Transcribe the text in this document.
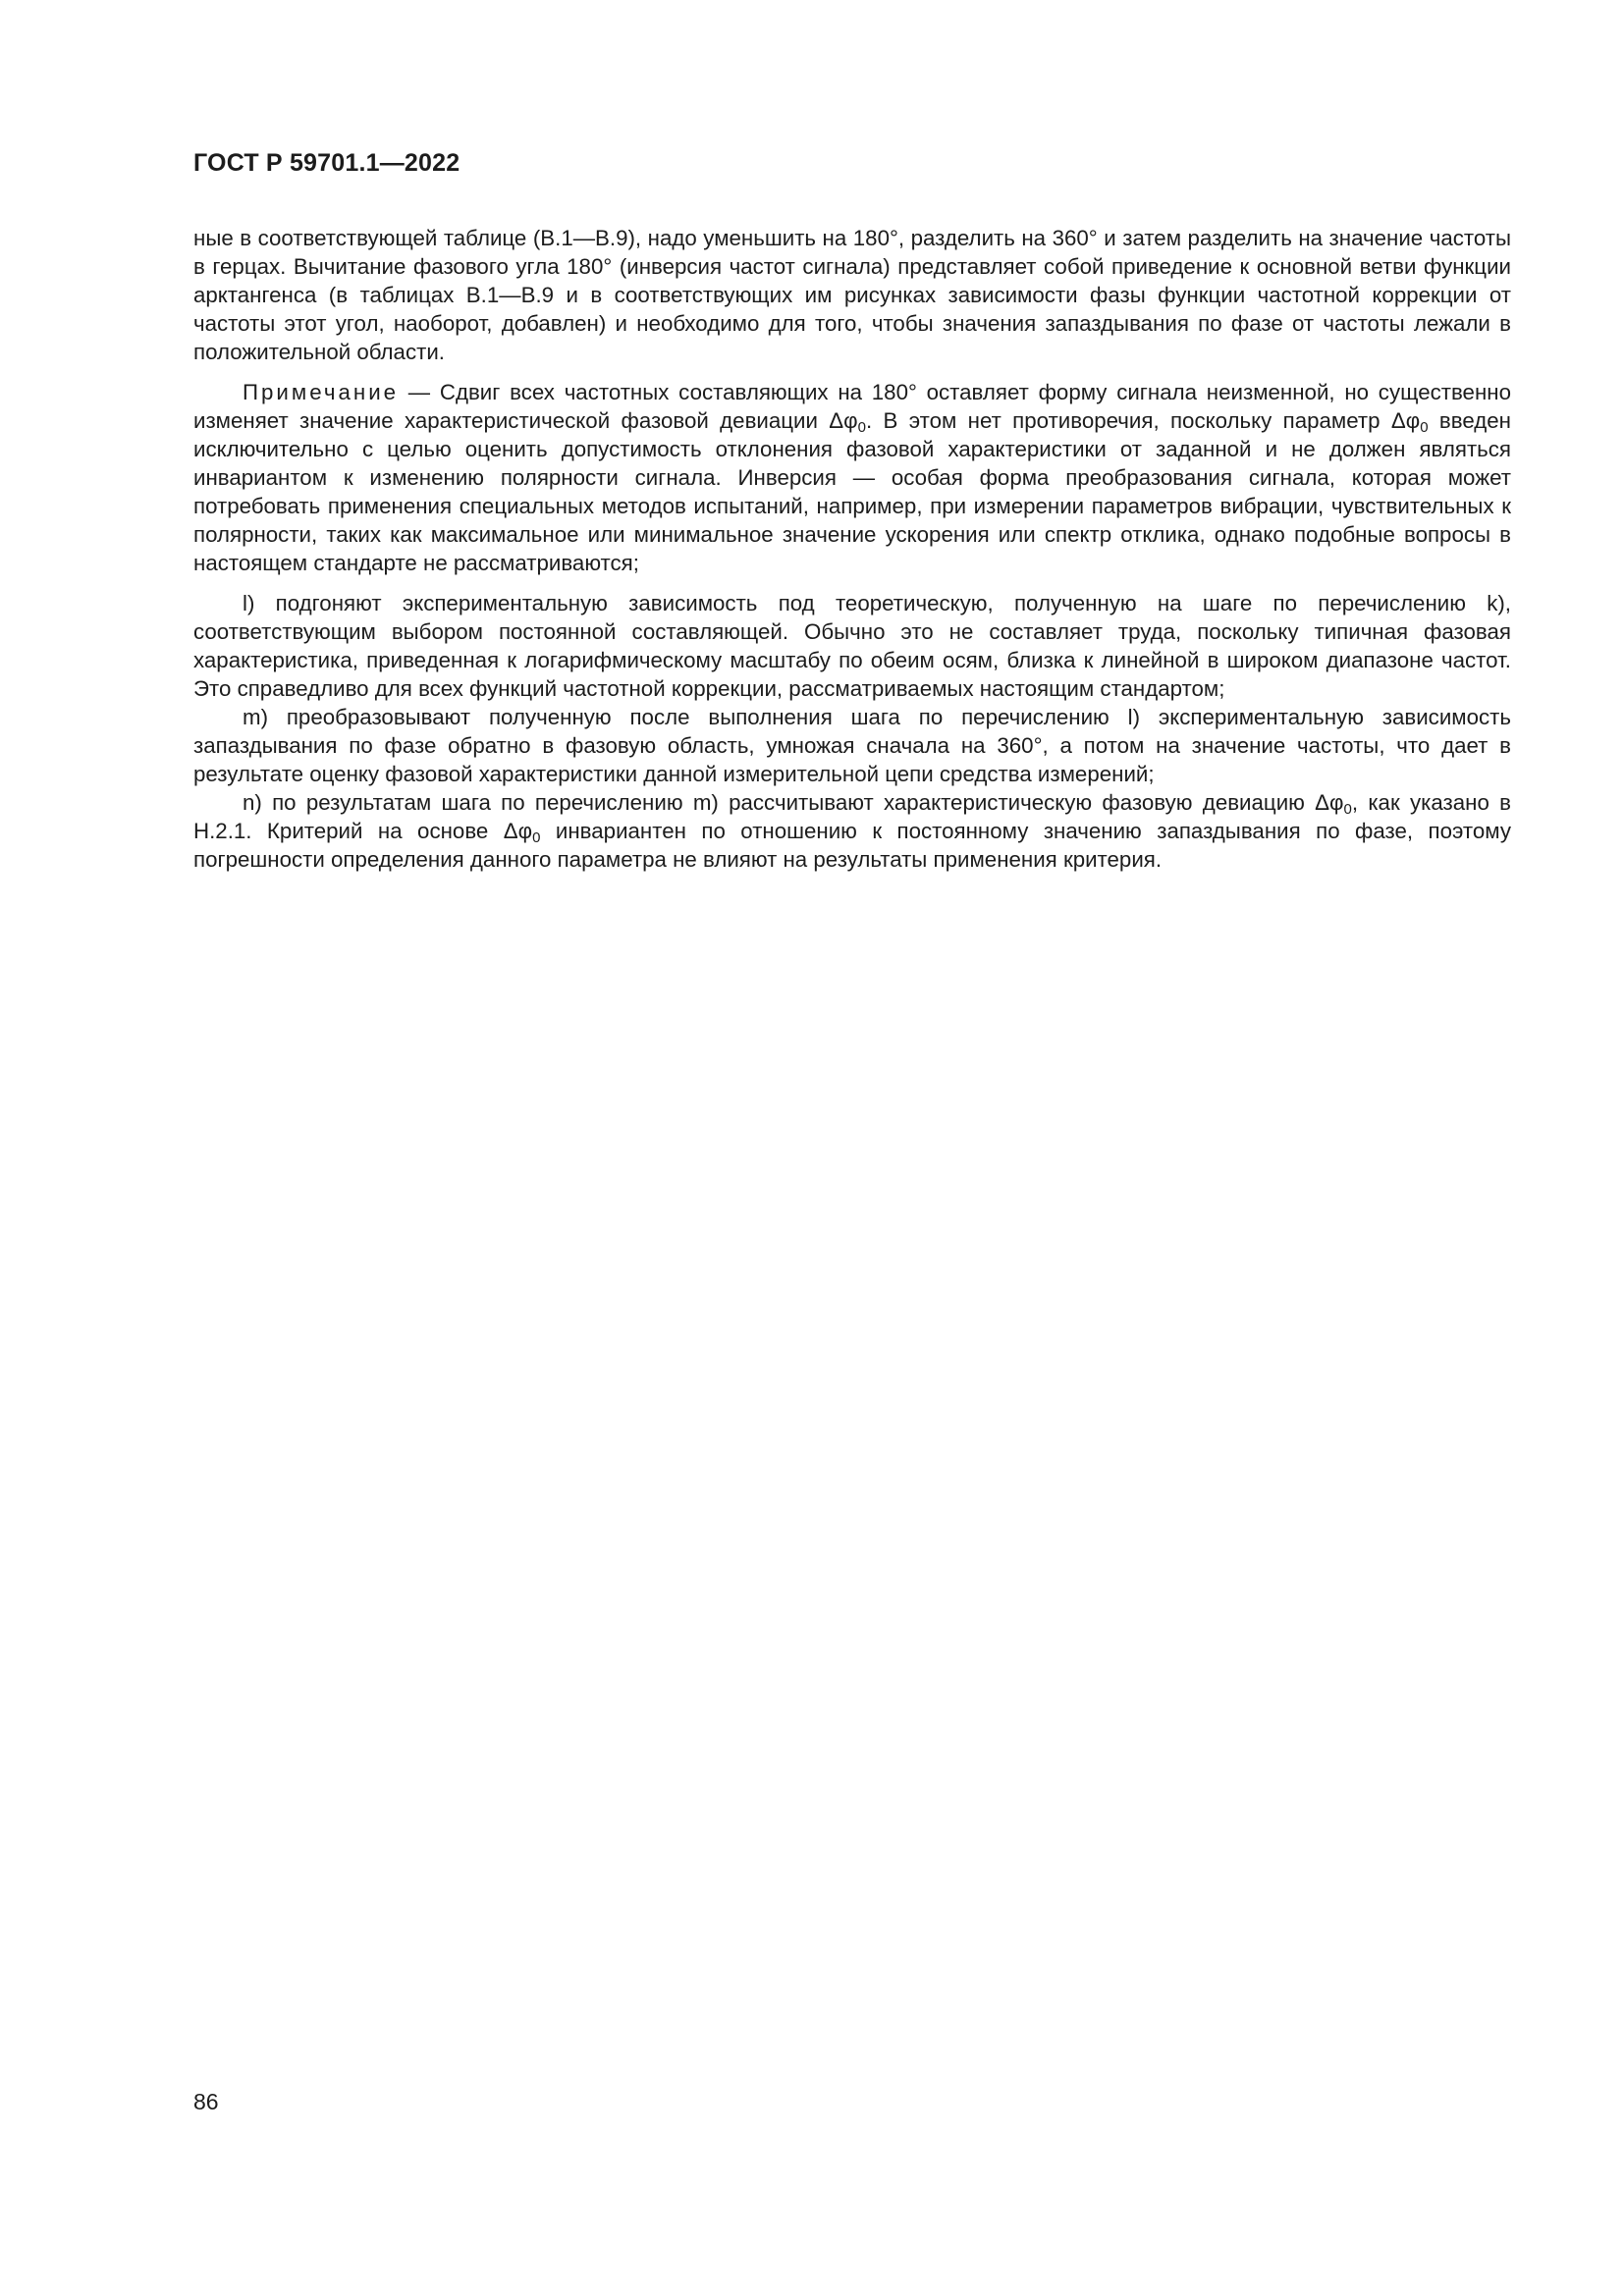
ГОСТ Р 59701.1—2022

ные в соответствующей таблице (В.1—В.9), надо уменьшить на 180°, разделить на 360° и затем разделить на значение частоты в герцах. Вычитание фазового угла 180° (инверсия частот сигнала) представляет собой приведение к основной ветви функции арктангенса (в таблицах В.1—В.9 и в соответствующих им рисунках зависимости фазы функции частотной коррекции от частоты этот угол, наоборот, добавлен) и необходимо для того, чтобы значения запаздывания по фазе от частоты лежали в положительной области.

Примечание — Сдвиг всех частотных составляющих на 180° оставляет форму сигнала неизменной, но существенно изменяет значение характеристической фазовой девиации $\Delta\varphi_0$. В этом нет противоречия, поскольку параметр $\Delta\varphi_0$ введен исключительно с целью оценить допустимость отклонения фазовой характеристики от заданной и не должен являться инвариантом к изменению полярности сигнала. Инверсия — особая форма преобразования сигнала, которая может потребовать применения специальных методов испытаний, например, при измерении параметров вибрации, чувствительных к полярности, таких как максимальное или минимальное значение ускорения или спектр отклика, однако подобные вопросы в настоящем стандарте не рассматриваются;

l) подгоняют экспериментальную зависимость под теоретическую, полученную на шаге по перечислению k), соответствующим выбором постоянной составляющей. Обычно это не составляет труда, поскольку типичная фазовая характеристика, приведенная к логарифмическому масштабу по обеим осям, близка к линейной в широком диапазоне частот. Это справедливо для всех функций частотной коррекции, рассматриваемых настоящим стандартом;

m) преобразовывают полученную после выполнения шага по перечислению l) экспериментальную зависимость запаздывания по фазе обратно в фазовую область, умножая сначала на 360°, а потом на значение частоты, что дает в результате оценку фазовой характеристики данной измерительной цепи средства измерений;

n) по результатам шага по перечислению m) рассчитывают характеристическую фазовую девиацию $\Delta\varphi_0$, как указано в Н.2.1. Критерий на основе $\Delta\varphi_0$ инвариантен по отношению к постоянному значению запаздывания по фазе, поэтому погрешности определения данного параметра не влияют на результаты применения критерия.

86
